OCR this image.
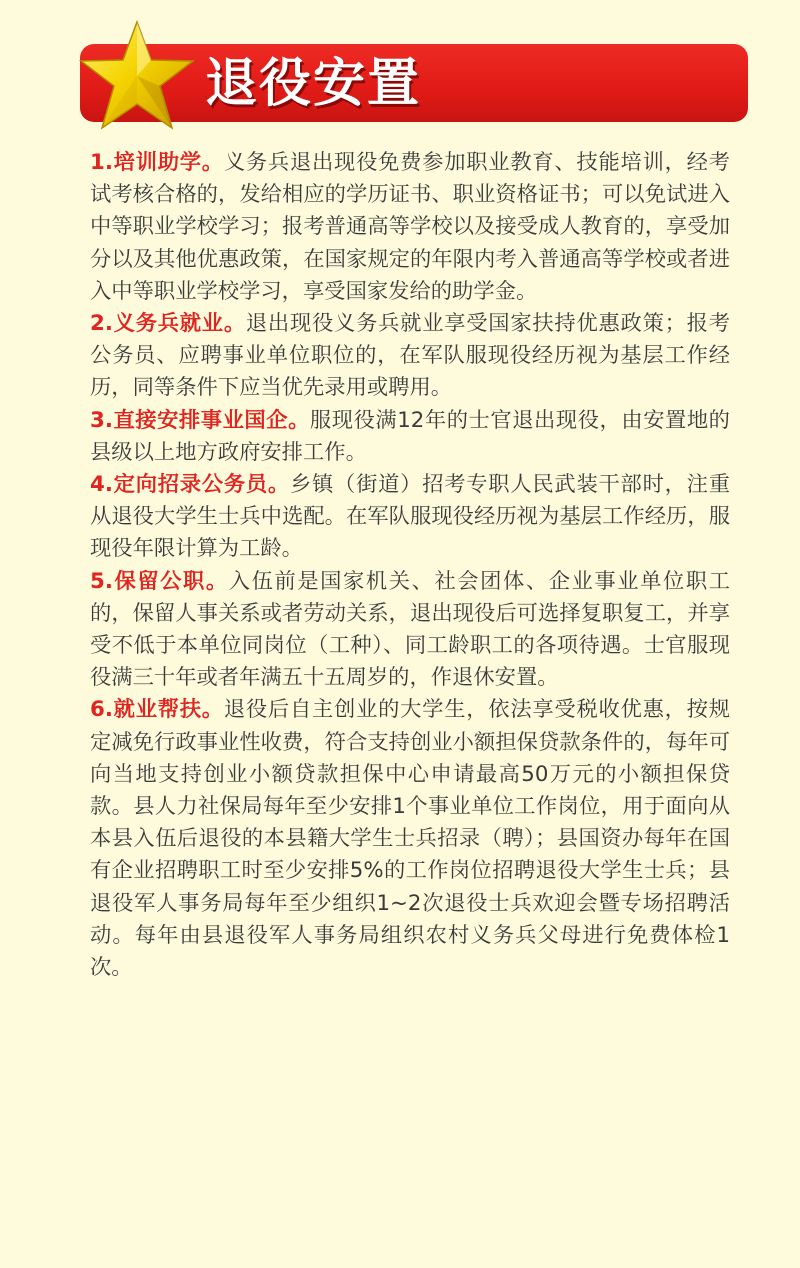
退役安置

1.培训助学。义务兵退出现役免费参加职业教育、技能培训，经考试考核合格的，发给相应的学历证书、职业资格证书；可以免试进入中等职业学校学习；报考普通高等学校以及接受成人教育的，享受加分以及其他优惠政策，在国家规定的年限内考入普通高等学校或者进入中等职业学校学习，享受国家发给的助学金。

2.义务兵就业。退出现役义务兵就业享受国家扶持优惠政策；报考公务员、应聘事业单位职位的，在军队服现役经历视为基层工作经历，同等条件下应当优先录用或聘用。

3.直接安排事业国企。服现役满12年的士官退出现役，由安置地的县级以上地方政府安排工作。

4.定向招录公务员。乡镇（街道）招考专职人民武装干部时，注重从退役大学生士兵中选配。在军队服现役经历视为基层工作经历，服现役年限计算为工龄。

5.保留公职。入伍前是国家机关、社会团体、企业事业单位职工的，保留人事关系或者劳动关系，退出现役后可选择复职复工，并享受不低于本单位同岗位（工种）、同工龄职工的各项待遇。士官服现役满三十年或者年满五十五周岁的，作退休安置。

6.就业帮扶。退役后自主创业的大学生，依法享受税收优惠，按规定减免行政事业性收费，符合支持创业小额担保贷款条件的，每年可向当地支持创业小额贷款担保中心申请最高50万元的小额担保贷款。县人力社保局每年至少安排1个事业单位工作岗位，用于面向从本县入伍后退役的本县籍大学生士兵招录（聘）；县国资办每年在国有企业招聘职工时至少安排5%的工作岗位招聘退役大学生士兵；县退役军人事务局每年至少组织1~2次退役士兵欢迎会暨专场招聘活动。每年由县退役军人事务局组织农村义务兵父母进行免费体检1次。
